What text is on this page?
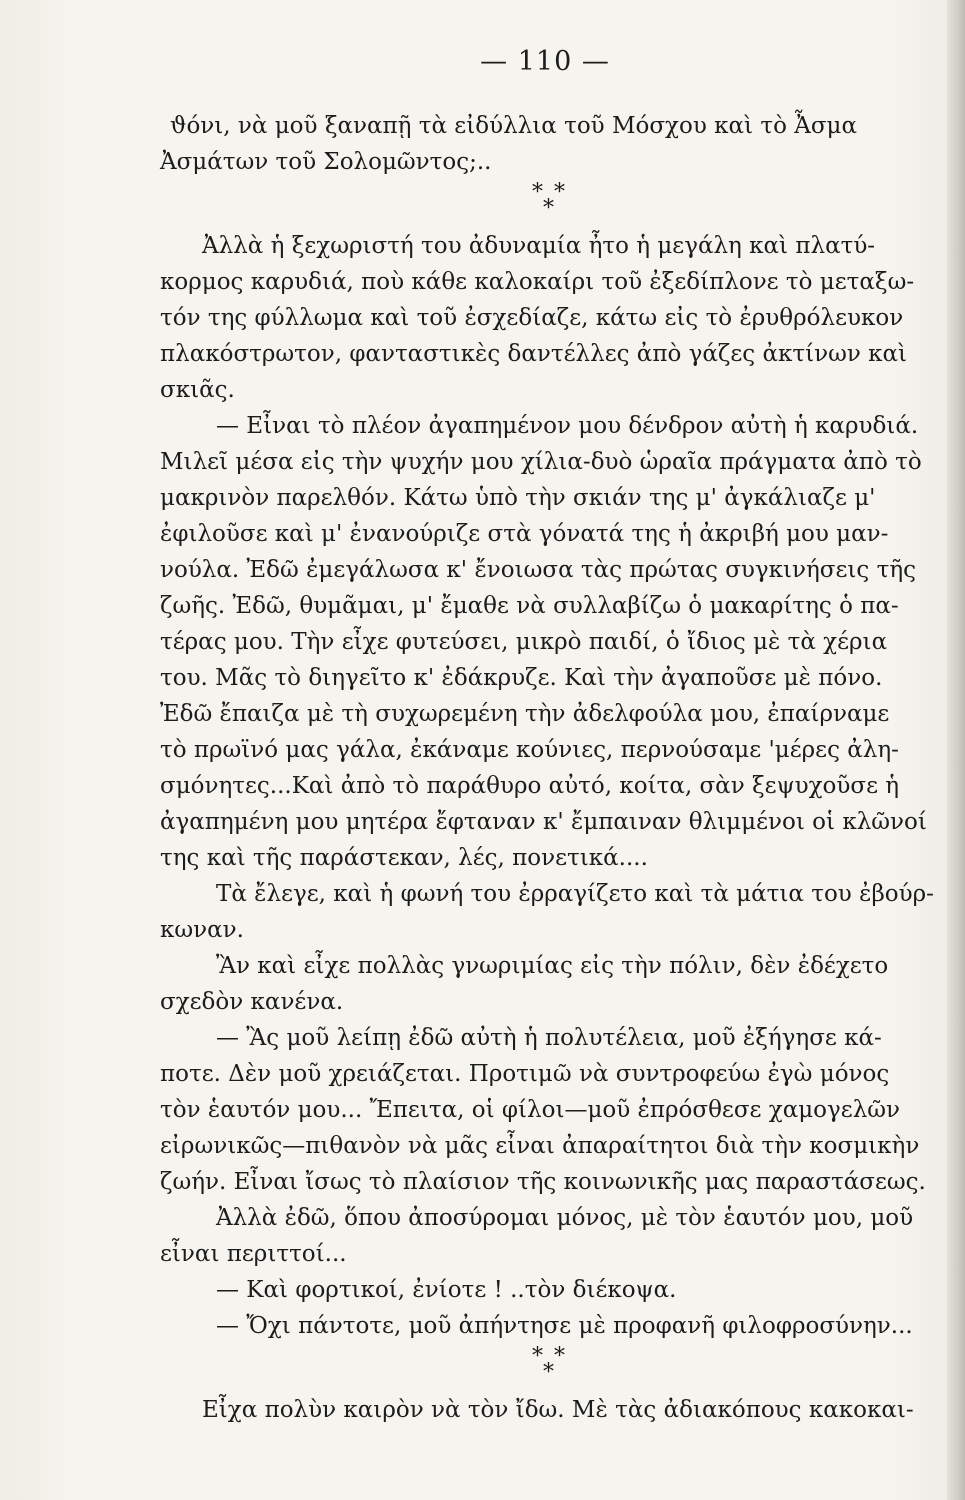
— 110 —
ϑόνι, νὰ μοῦ ξαναπῇ τὰ εἰδύλλια τοῦ Μόσχου καὶ τὸ Ἆσμα
Ἀσμάτων τοῦ Σολομῶντος;..
* *
*
Ἀλλὰ ἡ ξεχωριστή του ἀδυναμία ἦτο ἡ μεγάλη καὶ πλατύ-
κορμος καρυδιά, ποὺ κάθε καλοκαίρι τοῦ ἐξεδίπλονε τὸ μεταξω-
τόν της φύλλωμα καὶ τοῦ ἐσχεδίαζε, κάτω εἰς τὸ ἐρυθρόλευκον
πλακόστρωτον, φανταστικὲς δαντέλλες ἀπὸ γάζες ἀκτίνων καὶ
σκιᾶς.
— Εἶναι τὸ πλέον ἀγαπημένον μου δένδρον αὐτὴ ἡ καρυδιά.
Μιλεῖ μέσα εἰς τὴν ψυχήν μου χίλια-δυὸ ὡραῖα πράγματα ἀπὸ τὸ
μακρινὸν παρελθόν. Κάτω ὑπὸ τὴν σκιάν της μ' ἀγκάλιαζε μ'
ἐφιλοῦσε καὶ μ' ἐνανούριζε στὰ γόνατά της ἡ ἀκριβή μου μαν-
νούλα. Ἐδῶ ἐμεγάλωσα κ' ἔνοιωσα τὰς πρώτας συγκινήσεις τῆς
ζωῆς. Ἐδῶ, θυμᾶμαι, μ' ἔμαθε νὰ συλλαβίζω ὁ μακαρίτης ὁ πα-
τέρας μου. Τὴν εἶχε φυτεύσει, μικρὸ παιδί, ὁ ἴδιος μὲ τὰ χέρια
του. Μᾶς τὸ διηγεῖτο κ' ἐδάκρυζε. Καὶ τὴν ἀγαποῦσε μὲ πόνο.
Ἐδῶ ἔπαιζα μὲ τὴ συχωρεμένη τὴν ἀδελφούλα μου, ἐπαίρναμε
τὸ πρωϊνό μας γάλα, ἐκάναμε κούνιες, περνούσαμε 'μέρες ἀλη-
σμόνητες...Καὶ ἀπὸ τὸ παράθυρο αὐτό, κοίτα, σὰν ξεψυχοῦσε ἡ
ἀγαπημένη μου μητέρα ἔφταναν κ' ἔμπαιναν θλιμμένοι οἱ κλῶνοί
της καὶ τῆς παράστεκαν, λές, πονετικά....
Τὰ ἔλεγε, καὶ ἡ φωνή του ἐρραγίζετο καὶ τὰ μάτια του ἐβούρ-
κωναν.
Ἂν καὶ εἶχε πολλὰς γνωριμίας εἰς τὴν πόλιν, δὲν ἐδέχετο
σχεδὸν κανένα.
— Ἂς μοῦ λείπῃ ἐδῶ αὐτὴ ἡ πολυτέλεια, μοῦ ἐξήγησε κά-
ποτε. Δὲν μοῦ χρειάζεται. Προτιμῶ νὰ συντροφεύω ἐγὼ μόνος
τὸν ἑαυτόν μου... Ἔπειτα, οἱ φίλοι—μοῦ ἐπρόσθεσε χαμογελῶν
εἰρωνικῶς—πιθανὸν νὰ μᾶς εἶναι ἀπαραίτητοι διὰ τὴν κοσμικὴν
ζωήν. Εἶναι ἴσως τὸ πλαίσιον τῆς κοινωνικῆς μας παραστάσεως.
Ἀλλὰ ἐδῶ, ὅπου ἀποσύρομαι μόνος, μὲ τὸν ἑαυτόν μου, μοῦ
εἶναι περιττοί...
— Καὶ φορτικοί, ἐνίοτε ! ..τὸν διέκοψα.
— Ὄχι πάντοτε, μοῦ ἀπήντησε μὲ προφανῆ φιλοφροσύνην...
* *
*
Εἶχα πολὺν καιρὸν νὰ τὸν ἴδω. Μὲ τὰς ἀδιακόπους κακοκαι-
